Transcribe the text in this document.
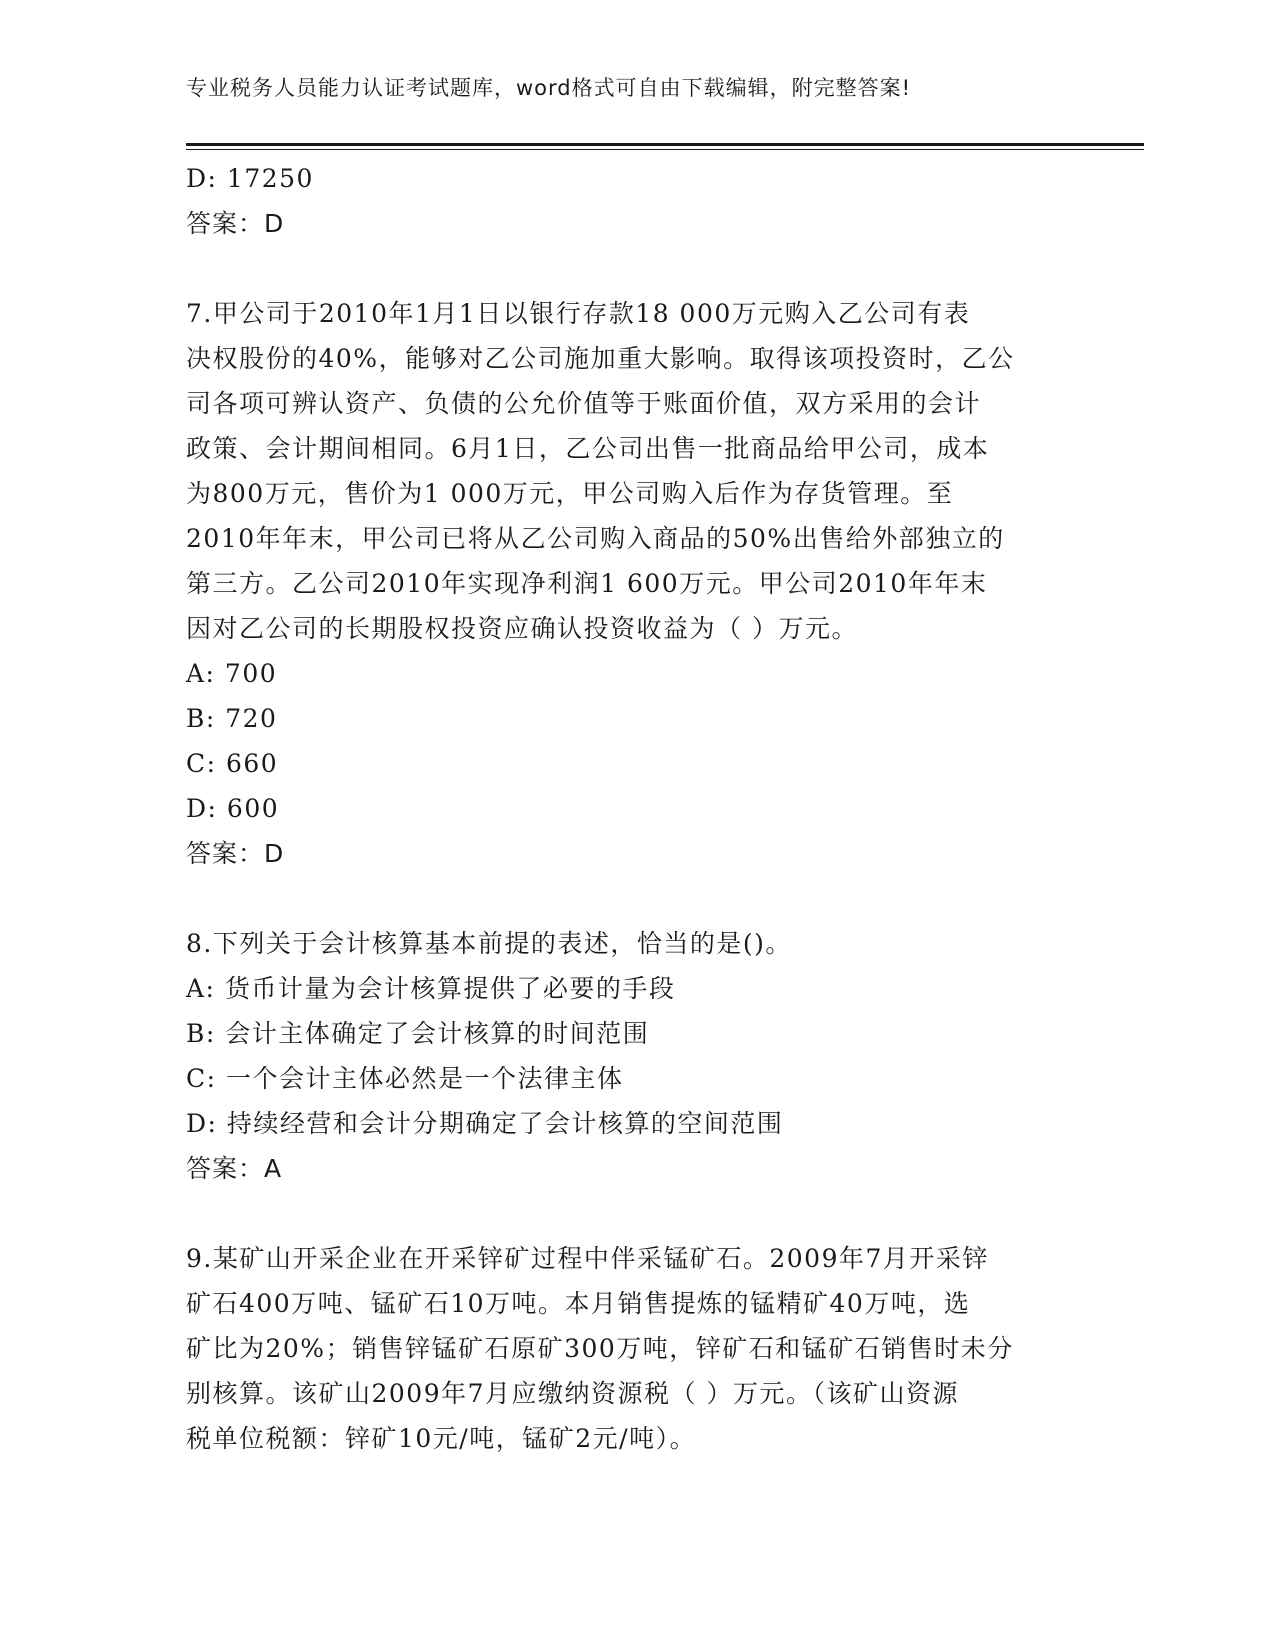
专业税务人员能力认证考试题库，word格式可自由下载编辑，附完整答案!
D: 17250
答案：D
7.甲公司于2010年1月1日以银行存款18 000万元购入乙公司有表
决权股份的40%，能够对乙公司施加重大影响。取得该项投资时，乙公
司各项可辨认资产、负债的公允价值等于账面价值，双方采用的会计
政策、会计期间相同。6月1日，乙公司出售一批商品给甲公司，成本
为800万元，售价为1 000万元，甲公司购入后作为存货管理。至
2010年年末，甲公司已将从乙公司购入商品的50%出售给外部独立的
第三方。乙公司2010年实现净利润1 600万元。甲公司2010年年末
因对乙公司的长期股权投资应确认投资收益为（ ）万元。
A: 700
B: 720
C: 660
D: 600
答案：D
8.下列关于会计核算基本前提的表述，恰当的是()。
A: 货币计量为会计核算提供了必要的手段
B: 会计主体确定了会计核算的时间范围
C: 一个会计主体必然是一个法律主体
D: 持续经营和会计分期确定了会计核算的空间范围
答案：A
9.某矿山开采企业在开采锌矿过程中伴采锰矿石。2009年7月开采锌
矿石400万吨、锰矿石10万吨。本月销售提炼的锰精矿40万吨，选
矿比为20%；销售锌锰矿石原矿300万吨，锌矿石和锰矿石销售时未分
别核算。该矿山2009年7月应缴纳资源税（ ）万元。（该矿山资源
税单位税额：锌矿10元/吨，锰矿2元/吨）。
